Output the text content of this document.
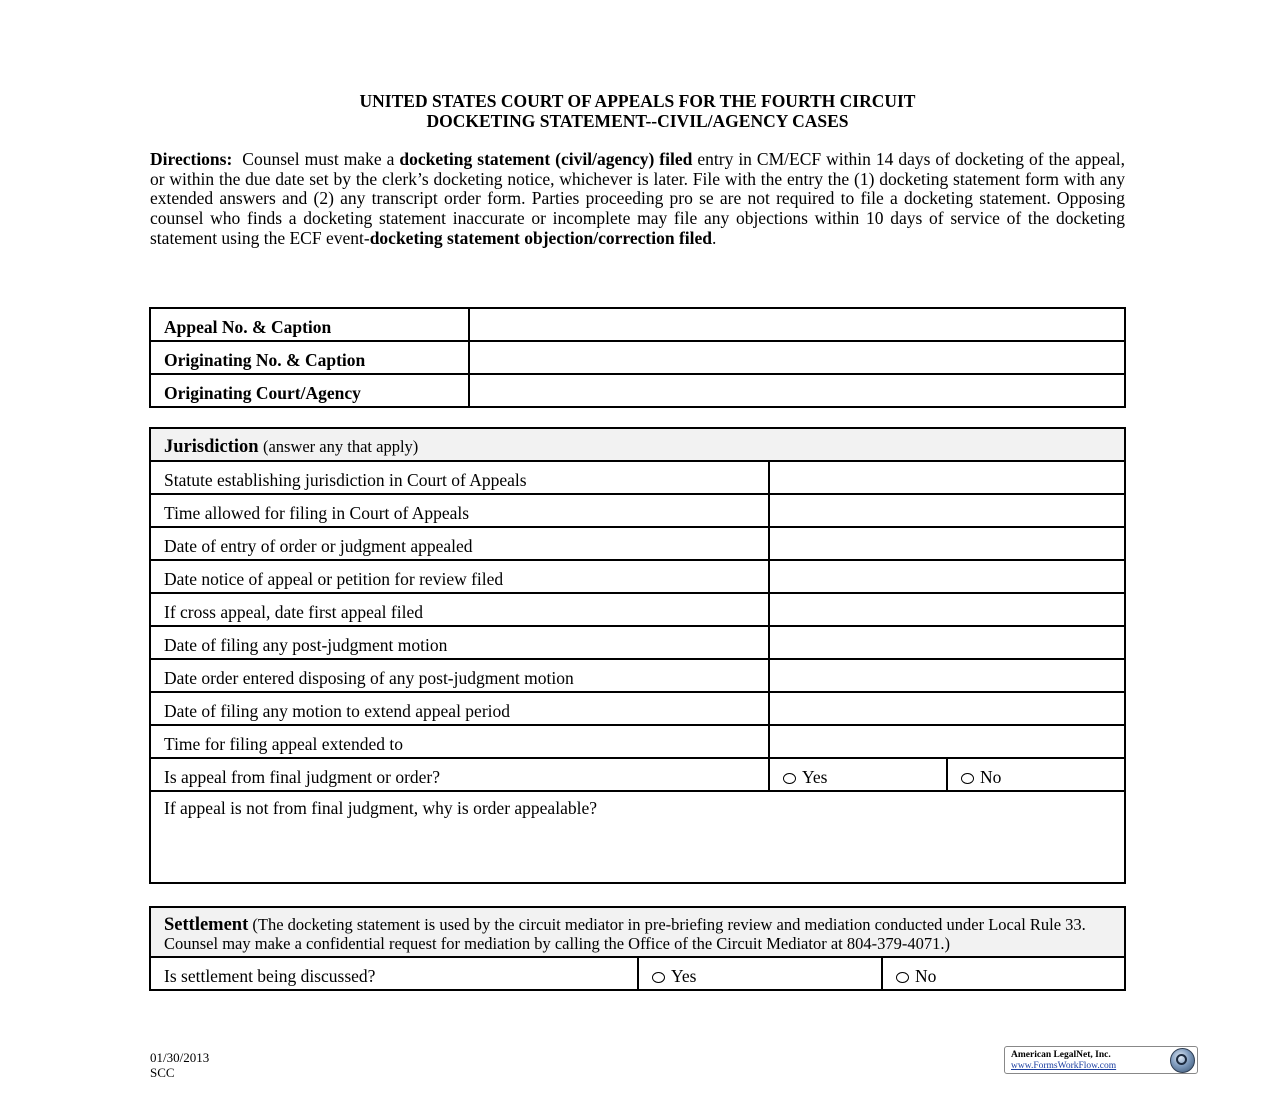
UNITED STATES COURT OF APPEALS FOR THE FOURTH CIRCUIT
DOCKETING STATEMENT--CIVIL/AGENCY CASES
Directions: Counsel must make a docketing statement (civil/agency) filed entry in CM/ECF within 14 days of docketing of the appeal, or within the due date set by the clerk’s docketing notice, whichever is later. File with the entry the (1) docketing statement form with any extended answers and (2) any transcript order form. Parties proceeding pro se are not required to file a docketing statement. Opposing counsel who finds a docketing statement inaccurate or incomplete may file any objections within 10 days of service of the docketing statement using the ECF event-docketing statement objection/correction filed.
Appeal No. & Caption	
Originating No. & Caption	
Originating Court/Agency	
Jurisdiction (answer any that apply)		
Statute establishing jurisdiction in Court of Appeals		
Time allowed for filing in Court of Appeals		
Date of entry of order or judgment appealed		
Date notice of appeal or petition for review filed		
If cross appeal, date first appeal filed		
Date of filing any post-judgment motion		
Date order entered disposing of any post-judgment motion		
Date of filing any motion to extend appeal period		
Time for filing appeal extended to		
Is appeal from final judgment or order?	Yes	No
If appeal is not from final judgment, why is order appealable?		
Settlement (The docketing statement is used by the circuit mediator in pre-briefing review and mediation conducted under Local Rule 33. Counsel may make a confidential request for mediation by calling the Office of the Circuit Mediator at 804-379-4071.)
Is settlement being discussed?	Yes	No
01/30/2013
SCC
American LegalNet, Inc.
www.FormsWorkFlow.com
